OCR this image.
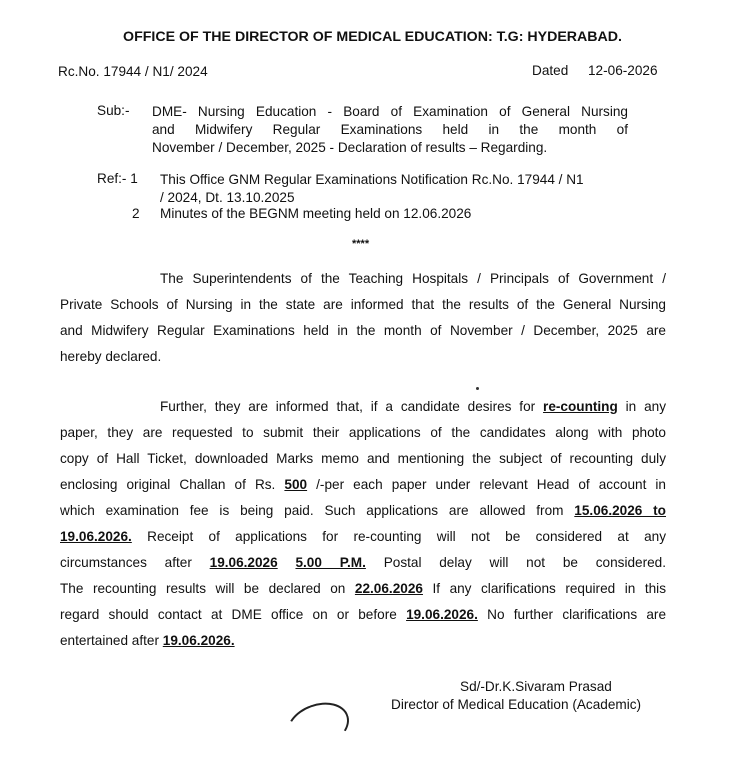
OFFICE OF THE DIRECTOR OF MEDICAL EDUCATION: T.G: HYDERABAD.
Rc.No. 17944 / N1/ 2024	Dated 12-06-2026
Sub:- DME- Nursing Education - Board of Examination of General Nursing
and Midwifery Regular Examinations held in the month of
November / December, 2025 - Declaration of results – Regarding.
Ref:- 1 This Office GNM Regular Examinations Notification Rc.No. 17944 / N1
/ 2024, Dt. 13.10.2025
2 Minutes of the BEGNM meeting held on 12.06.2026
****
The Superintendents of the Teaching Hospitals / Principals of Government /
Private Schools of Nursing in the state are informed that the results of the General Nursing
and Midwifery Regular Examinations held in the month of November / December, 2025 are
hereby declared.
Further, they are informed that, if a candidate desires for re-counting in any
paper, they are requested to submit their applications of the candidates along with photo
copy of Hall Ticket, downloaded Marks memo and mentioning the subject of recounting duly
enclosing original Challan of Rs. 500 /-per each paper under relevant Head of account in
which examination fee is being paid. Such applications are allowed from 15.06.2026 to
19.06.2026. Receipt of applications for re-counting will not be considered at any
circumstances after 19.06.2026 5.00 P.M. Postal delay will not be considered.
The recounting results will be declared on 22.06.2026 If any clarifications required in this
regard should contact at DME office on or before 19.06.2026. No further clarifications are
entertained after 19.06.2026.
Sd/-Dr.K.Sivaram Prasad
Director of Medical Education (Academic)
